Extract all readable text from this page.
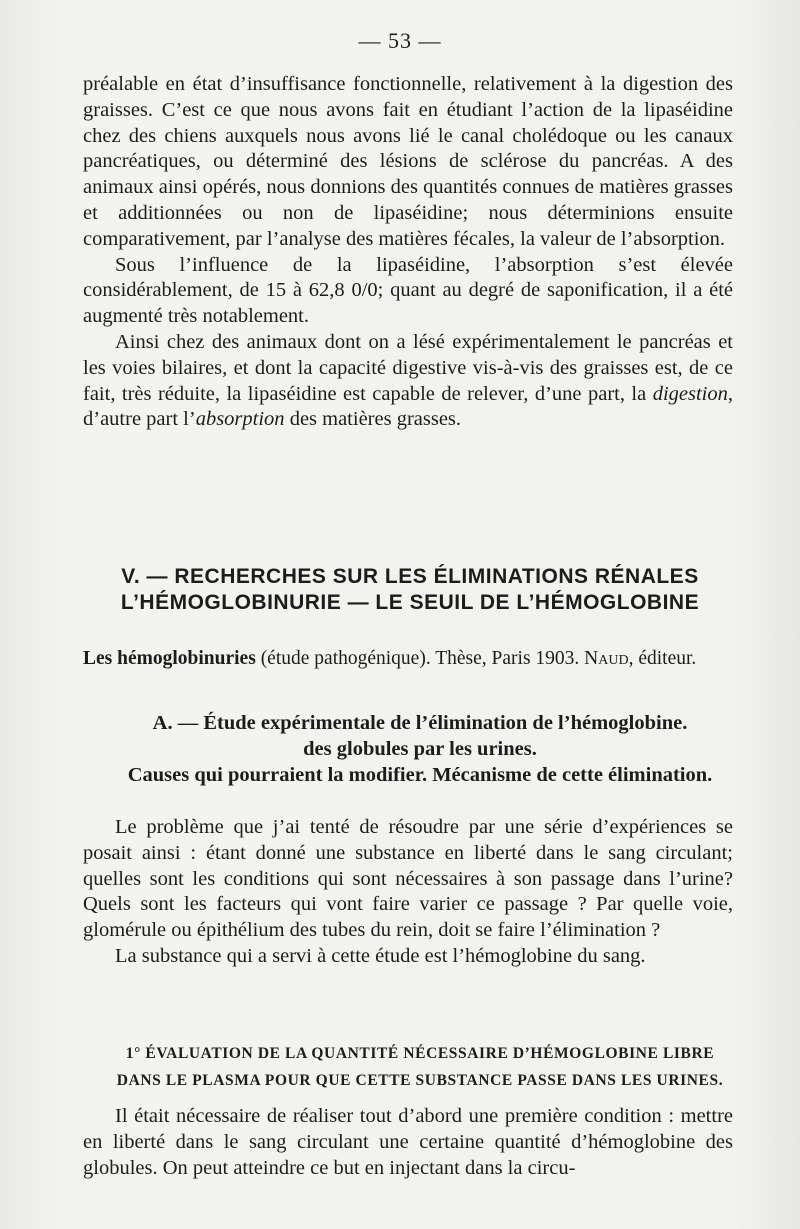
— 53 —

préalable en état d’insuffisance fonctionnelle, relativement à la digestion des graisses. C’est ce que nous avons fait en étudiant l’action de la lipaséidine chez des chiens auxquels nous avons lié le canal cholédoque ou les canaux pancréatiques, ou déterminé des lésions de sclérose du pancréas. A des animaux ainsi opérés, nous donnions des quantités connues de matières grasses et additionnées ou non de lipaséidine; nous déterminions ensuite comparativement, par l’analyse des matières fécales, la valeur de l’absorption.

Sous l’influence de la lipaséidine, l’absorption s’est élevée considérablement, de 15 à 62,8 0/0; quant au degré de saponification, il a été augmenté très notablement.

Ainsi chez des animaux dont on a lésé expérimentalement le pancréas et les voies bilaires, et dont la capacité digestive vis-à-vis des graisses est, de ce fait, très réduite, la lipaséidine est capable de relever, d’une part, la digestion, d’autre part l’absorption des matières grasses.

V. — RECHERCHES SUR LES ÉLIMINATIONS RÉNALES
L’HÉMOGLOBINURIE — LE SEUIL DE L’HÉMOGLOBINE
Les hémoglobinuries (étude pathogénique). Thèse, Paris 1903. Naud, éditeur.
A. — Étude expérimentale de l’élimination de l’hémoglobine.
des globules par les urines.
Causes qui pourraient la modifier. Mécanisme de cette élimination.

Le problème que j’ai tenté de résoudre par une série d’expériences se posait ainsi : étant donné une substance en liberté dans le sang circulant; quelles sont les conditions qui sont nécessaires à son passage dans l’urine? Quels sont les facteurs qui vont faire varier ce passage ? Par quelle voie, glomérule ou épithélium des tubes du rein, doit se faire l’élimination ?

La substance qui a servi à cette étude est l’hémoglobine du sang.

1° ÉVALUATION DE LA QUANTITÉ NÉCESSAIRE D’HÉMOGLOBINE LIBRE
DANS LE PLASMA POUR QUE CETTE SUBSTANCE PASSE DANS LES URINES.

Il était nécessaire de réaliser tout d’abord une première condition : mettre en liberté dans le sang circulant une certaine quantité d’hémoglobine des globules. On peut atteindre ce but en injectant dans la circu-
